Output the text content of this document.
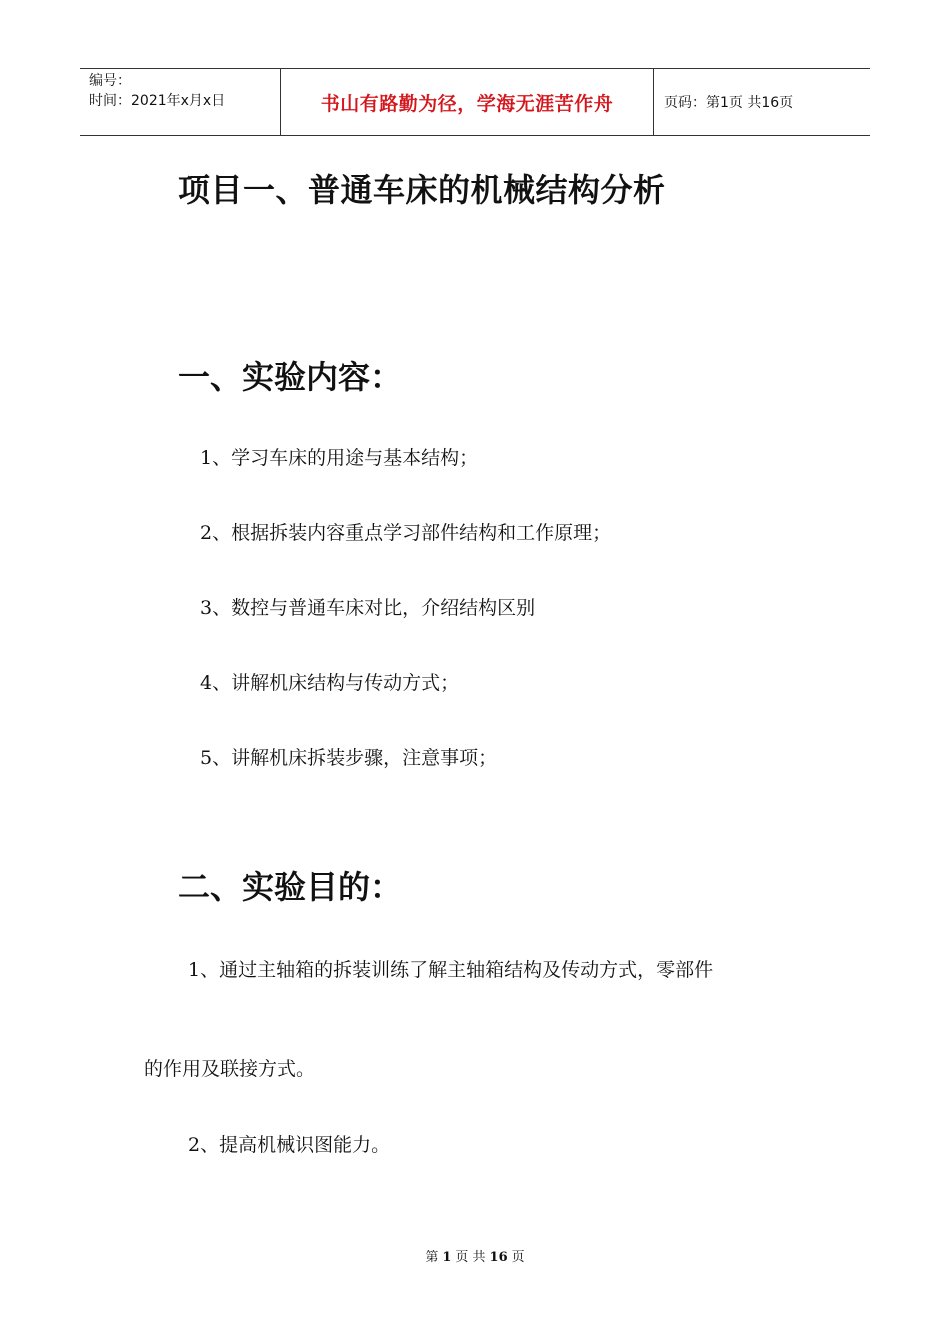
编号：
时间：2021年x月x日	书山有路勤为径，学海无涯苦作舟	页码：第1页 共16页
项目一、普通车床的机械结构分析
一、实验内容：
1、学习车床的用途与基本结构；
2、根据拆装内容重点学习部件结构和工作原理；
3、数控与普通车床对比，介绍结构区别
4、讲解机床结构与传动方式；
5、讲解机床拆装步骤，注意事项；
二、实验目的：
1、通过主轴箱的拆装训练了解主轴箱结构及传动方式，零部件
的作用及联接方式。
2、提高机械识图能力。
第 1 页 共 16 页
